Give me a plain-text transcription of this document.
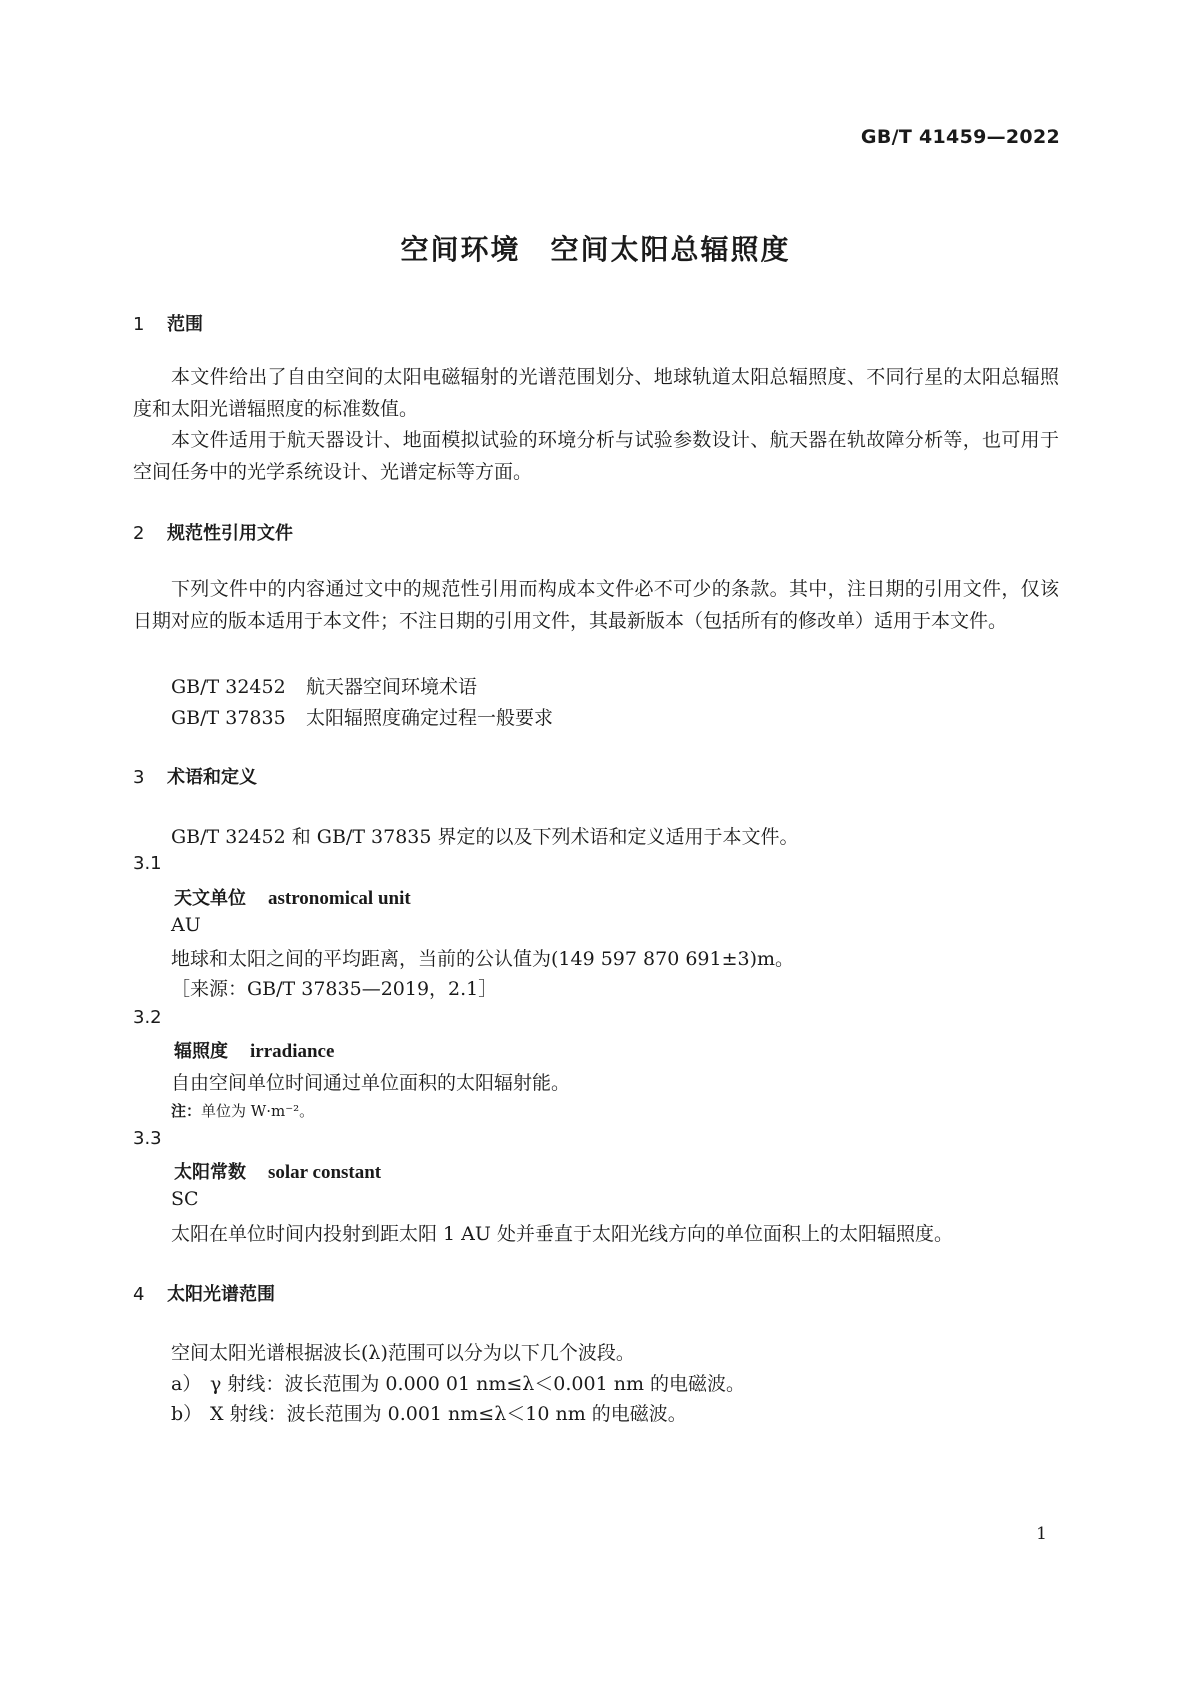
GB/T 41459—2022
空间环境　空间太阳总辐照度
1 范围

本文件给出了自由空间的太阳电磁辐射的光谱范围划分、地球轨道太阳总辐照度、不同行星的太阳总辐照度和太阳光谱辐照度的标准数值。

本文件适用于航天器设计、地面模拟试验的环境分析与试验参数设计、航天器在轨故障分析等，也可用于空间任务中的光学系统设计、光谱定标等方面。

2 规范性引用文件

下列文件中的内容通过文中的规范性引用而构成本文件必不可少的条款。其中，注日期的引用文件，仅该日期对应的版本适用于本文件；不注日期的引用文件，其最新版本（包括所有的修改单）适用于本文件。

GB/T 32452 航天器空间环境术语
GB/T 37835 太阳辐照度确定过程一般要求
3 术语和定义
GB/T 32452 和 GB/T 37835 界定的以及下列术语和定义适用于本文件。
3.1
天文单位 astronomical unit
AU
地球和太阳之间的平均距离，当前的公认值为(149 597 870 691±3)m。
［来源：GB/T 37835—2019，2.1］
3.2
辐照度 irradiance
自由空间单位时间通过单位面积的太阳辐射能。
注：单位为 W·m⁻²。
3.3
太阳常数 solar constant
SC
太阳在单位时间内投射到距太阳 1 AU 处并垂直于太阳光线方向的单位面积上的太阳辐照度。
4 太阳光谱范围
空间太阳光谱根据波长(λ)范围可以分为以下几个波段。
a） γ 射线：波长范围为 0.000 01 nm≤λ＜0.001 nm 的电磁波。
b） X 射线：波长范围为 0.001 nm≤λ＜10 nm 的电磁波。
1
